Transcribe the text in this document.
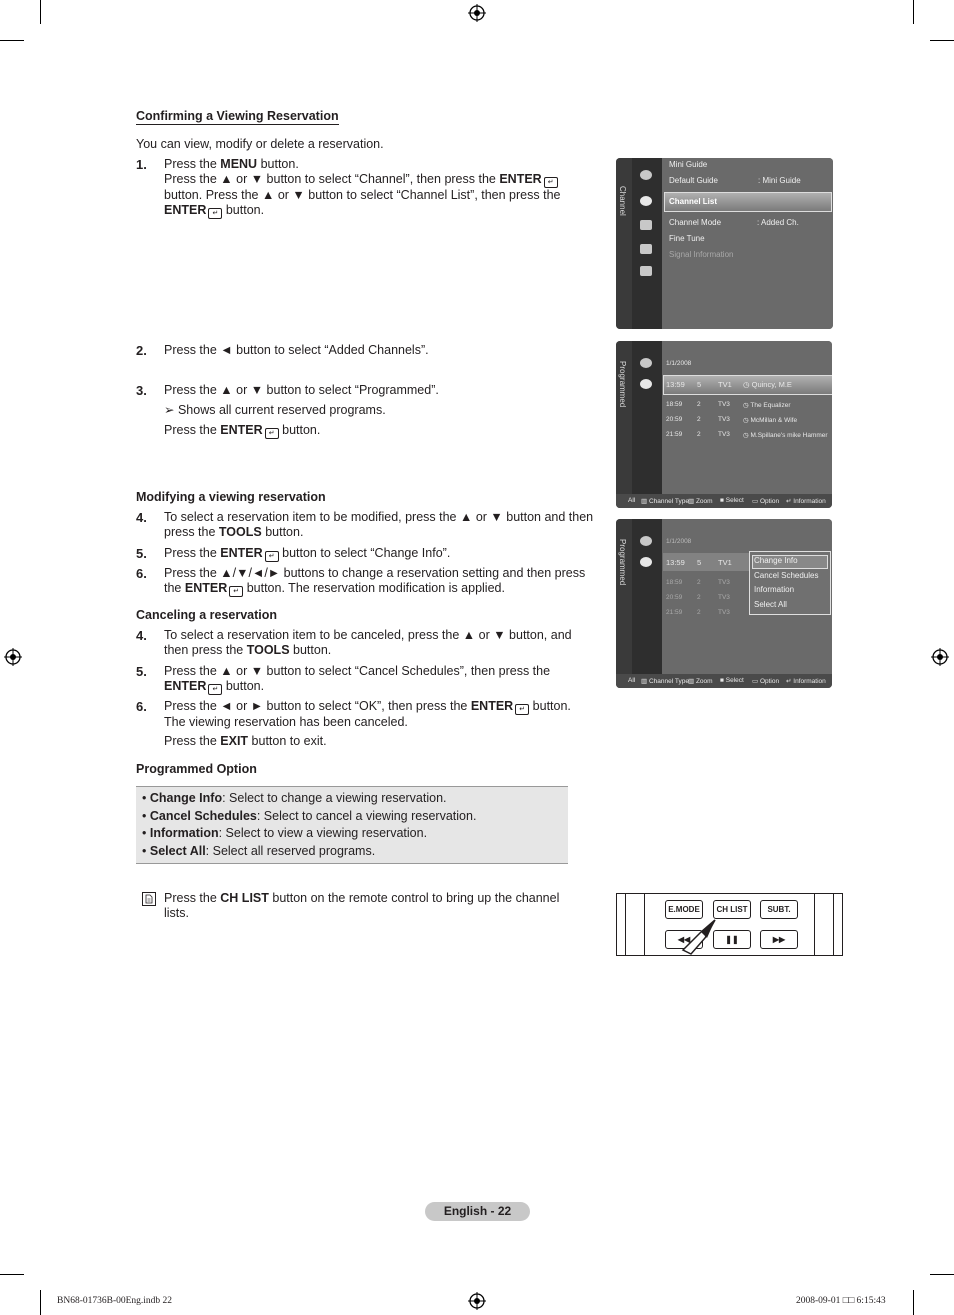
Confirming a Viewing Reservation
You can view, modify or delete a reservation.
1. Press the MENU button.
Press the ▲ or ▼ button to select “Channel”, then press the ENTER ↵ button. Press the ▲ or ▼ button to select “Channel List”, then press the ENTER ↵ button.
2. Press the ◄ button to select “Added Channels”.
3. Press the ▲ or ▼ button to select “Programmed”.
➢ Shows all current reserved programs.
Press the ENTER ↵ button.
Modifying a viewing reservation
4. To select a reservation item to be modified, press the ▲ or ▼ button and then press the TOOLS button.
5. Press the ENTER ↵ button to select “Change Info”.
6. Press the ▲/▼/◄/► buttons to change a reservation setting and then press the ENTER ↵ button. The reservation modification is applied.
Canceling a reservation
4. To select a reservation item to be canceled, press the ▲ or ▼ button, and then press the TOOLS button.
5. Press the ▲ or ▼ button to select “Cancel Schedules”, then press the ENTER ↵ button.
6. Press the ◄ or ► button to select “OK”, then press the ENTER ↵ button. The viewing reservation has been canceled.
Press the EXIT button to exit.
Programmed Option
• Change Info: Select to change a viewing reservation.
• Cancel Schedules: Select to cancel a viewing reservation.
• Information: Select to view a viewing reservation.
• Select All: Select all reserved programs.
Press the CH LIST button on the remote control to bring up the channel lists.
Channel
Mini Guide
Default Guide	: Mini Guide
Channel List
Channel Mode	: Added Ch.
Fine Tune
Signal Information
Programmed	1/1/2008
13:59 5 TV1 ◷ Quincy, M.E
18:59 2	TV3 ◷ The Equalizer
20:59 2	TV3 ◷ McMillan & Wife
21:59 2	TV3 ◷ M.Spillane's mike Hammer
All ▥ Channel Type ▥ Zoom ■ Select ▭ Option ↵ Information
Programmed	1/1/2008
13:59 5 TV1
18:59 2	TV3
20:59 2	TV3
21:59 2	TV3
Change Info
Cancel Schedules
Information
Select All
All ▥ Channel Type ▥ Zoom ■ Select ▭ Option ↵ Information
E.MODE	CH LIST	SUBT.
◀◀	❚❚	▶▶
English - 22
BN68-01736B-00Eng.indb 22	2008-09-01 □□ 6:15:43
